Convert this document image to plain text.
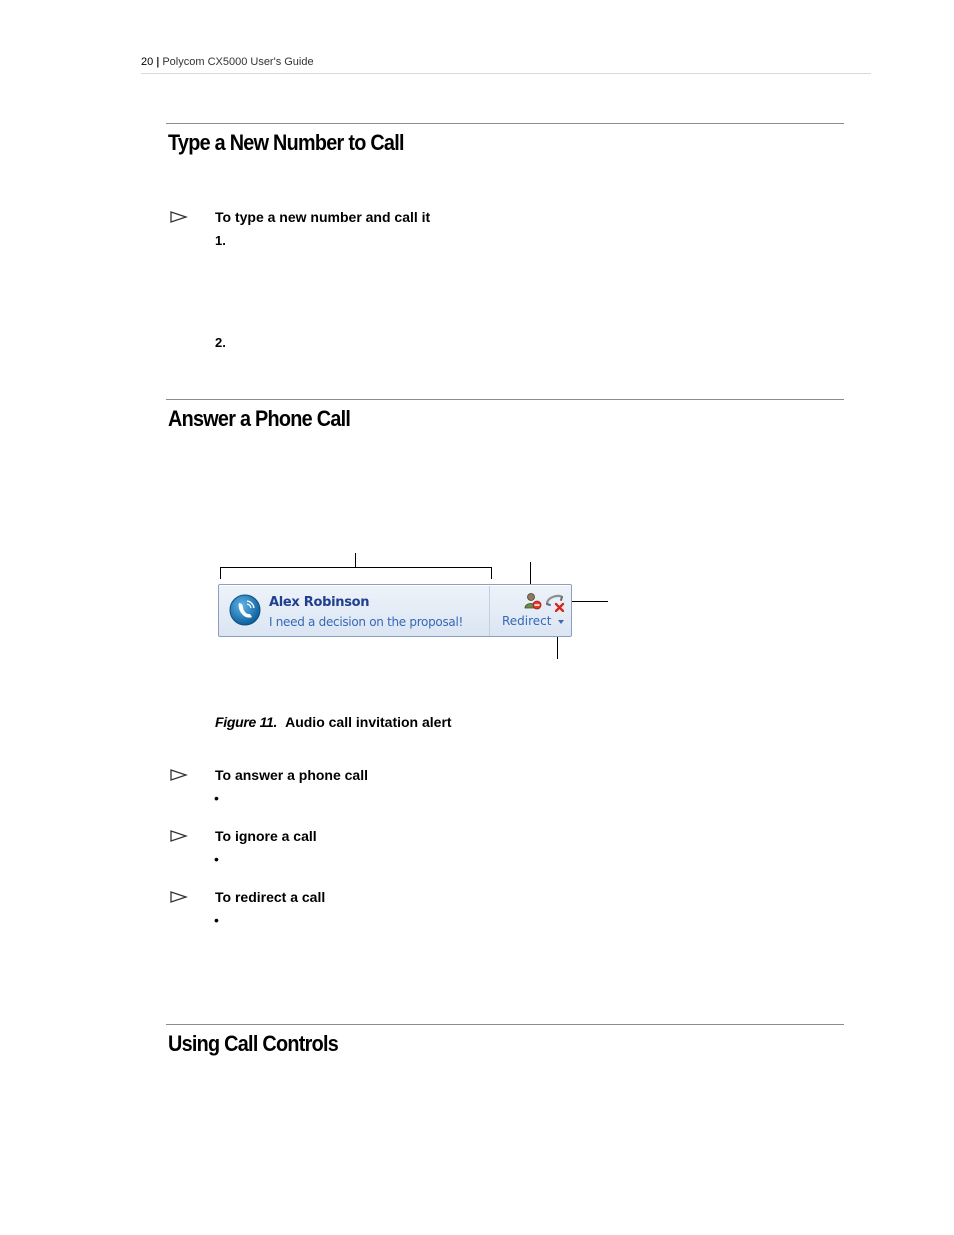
20 | Polycom CX5000 User's Guide
Type a New Number to Call
To type a new number and call it
1.
2.
Answer a Phone Call
Alex Robinson
I need a decision on the proposal!	Redirect
Figure 11. Audio call invitation alert
To answer a phone call
•
To ignore a call
•
To redirect a call
•
Using Call Controls
